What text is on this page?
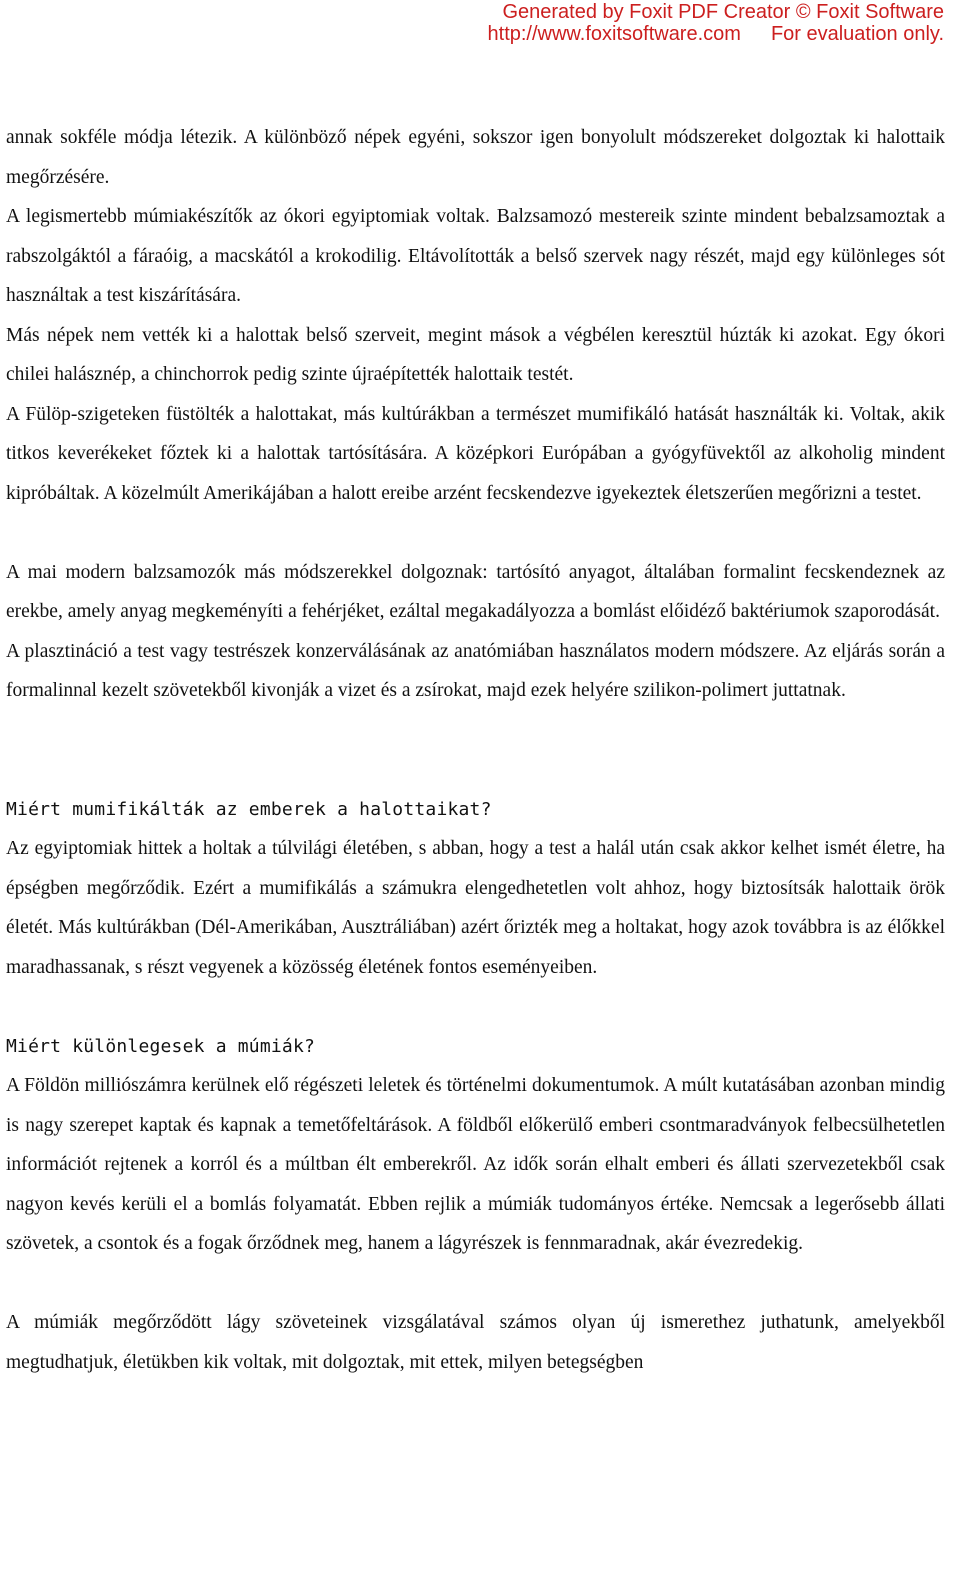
Generated by Foxit PDF Creator © Foxit Software
http://www.foxitsoftware.com For evaluation only.

annak sokféle módja létezik. A különböző népek egyéni, sokszor igen bonyolult módszereket dolgoztak ki halottaik megőrzésére.

A legismertebb múmiakészítők az ókori egyiptomiak voltak. Balzsamozó mestereik szinte mindent bebalzsamoztak a rabszolgáktól a fáraóig, a macskától a krokodilig. Eltávolították a belső szervek nagy részét, majd egy különleges sót használtak a test kiszárítására.

Más népek nem vették ki a halottak belső szerveit, megint mások a végbélen keresztül húzták ki azokat. Egy ókori chilei halásznép, a chinchorrok pedig szinte újraépítették halottaik testét.

A Fülöp-szigeteken füstölték a halottakat, más kultúrákban a természet mumifikáló hatását használták ki. Voltak, akik titkos keverékeket főztek ki a halottak tartósítására. A középkori Európában a gyógyfüvektől az alkoholig mindent kipróbáltak. A közelmúlt Amerikájában a halott ereibe arzént fecskendezve igyekeztek életszerűen megőrizni a testet.

A mai modern balzsamozók más módszerekkel dolgoznak: tartósító anyagot, általában formalint fecskendeznek az erekbe, amely anyag megkeményíti a fehérjéket, ezáltal megakadályozza a bomlást előidéző baktériumok szaporodását.

A plasztináció a test vagy testrészek konzerválásának az anatómiában használatos modern módszere. Az eljárás során a formalinnal kezelt szövetekből kivonják a vizet és a zsírokat, majd ezek helyére szilikon-polimert juttatnak.

Miért mumifikálták az emberek a halottaikat?

Az egyiptomiak hittek a holtak a túlvilági életében, s abban, hogy a test a halál után csak akkor kelhet ismét életre, ha épségben megőrződik. Ezért a mumifikálás a számukra elengedhetetlen volt ahhoz, hogy biztosítsák halottaik örök életét. Más kultúrákban (Dél-Amerikában, Ausztráliában) azért őrizték meg a holtakat, hogy azok továbbra is az élőkkel maradhassanak, s részt vegyenek a közösség életének fontos eseményeiben.

Miért különlegesek a múmiák?

A Földön milliószámra kerülnek elő régészeti leletek és történelmi dokumentumok. A múlt kutatásában azonban mindig is nagy szerepet kaptak és kapnak a temetőfeltárások. A földből előkerülő emberi csontmaradványok felbecsülhetetlen információt rejtenek a korról és a múltban élt emberekről. Az idők során elhalt emberi és állati szervezetekből csak nagyon kevés kerüli el a bomlás folyamatát. Ebben rejlik a múmiák tudományos értéke. Nemcsak a legerősebb állati szövetek, a csontok és a fogak őrződnek meg, hanem a lágyrészek is fennmaradnak, akár évezredekig.

A múmiák megőrződött lágy szöveteinek vizsgálatával számos olyan új ismerethez juthatunk, amelyekből megtudhatjuk, életükben kik voltak, mit dolgoztak, mit ettek, milyen betegségben
